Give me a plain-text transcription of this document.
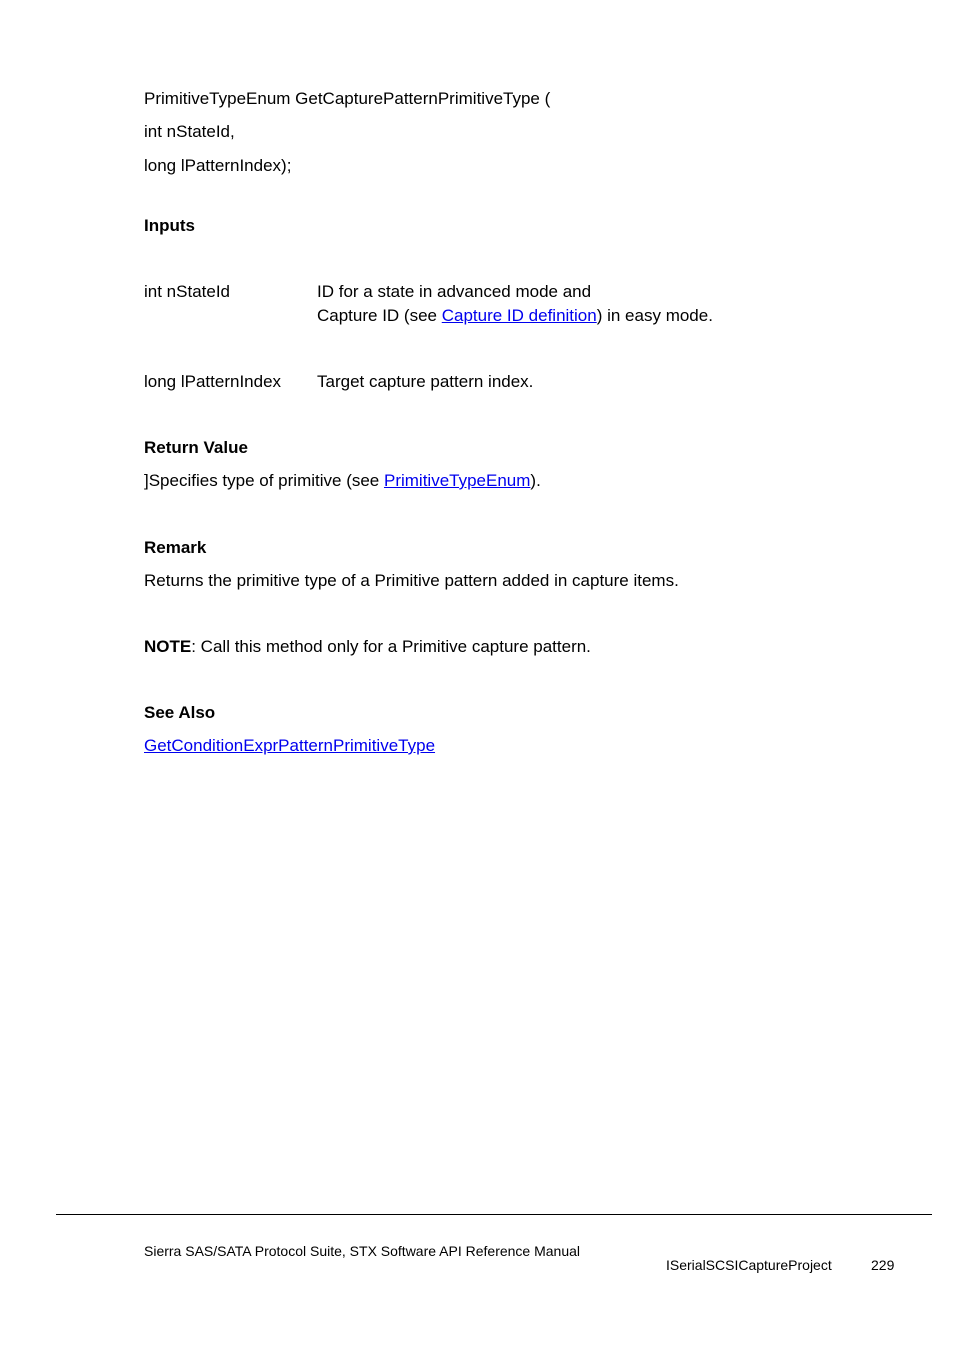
PrimitiveTypeEnum GetCapturePatternPrimitiveType (
int nStateId,
long lPatternIndex);
Inputs
int nStateId	ID for a state in advanced mode and
Capture ID (see Capture ID definition) in easy mode.
long lPatternIndex Target capture pattern index.
Return Value
]Specifies type of primitive (see PrimitiveTypeEnum).
Remark
Returns the primitive type of a Primitive pattern added in capture items.
NOTE: Call this method only for a Primitive capture pattern.
See Also
GetConditionExprPatternPrimitiveType
Sierra SAS/SATA Protocol Suite, STX Software API Reference Manual
ISerialSCSICaptureProject	229
